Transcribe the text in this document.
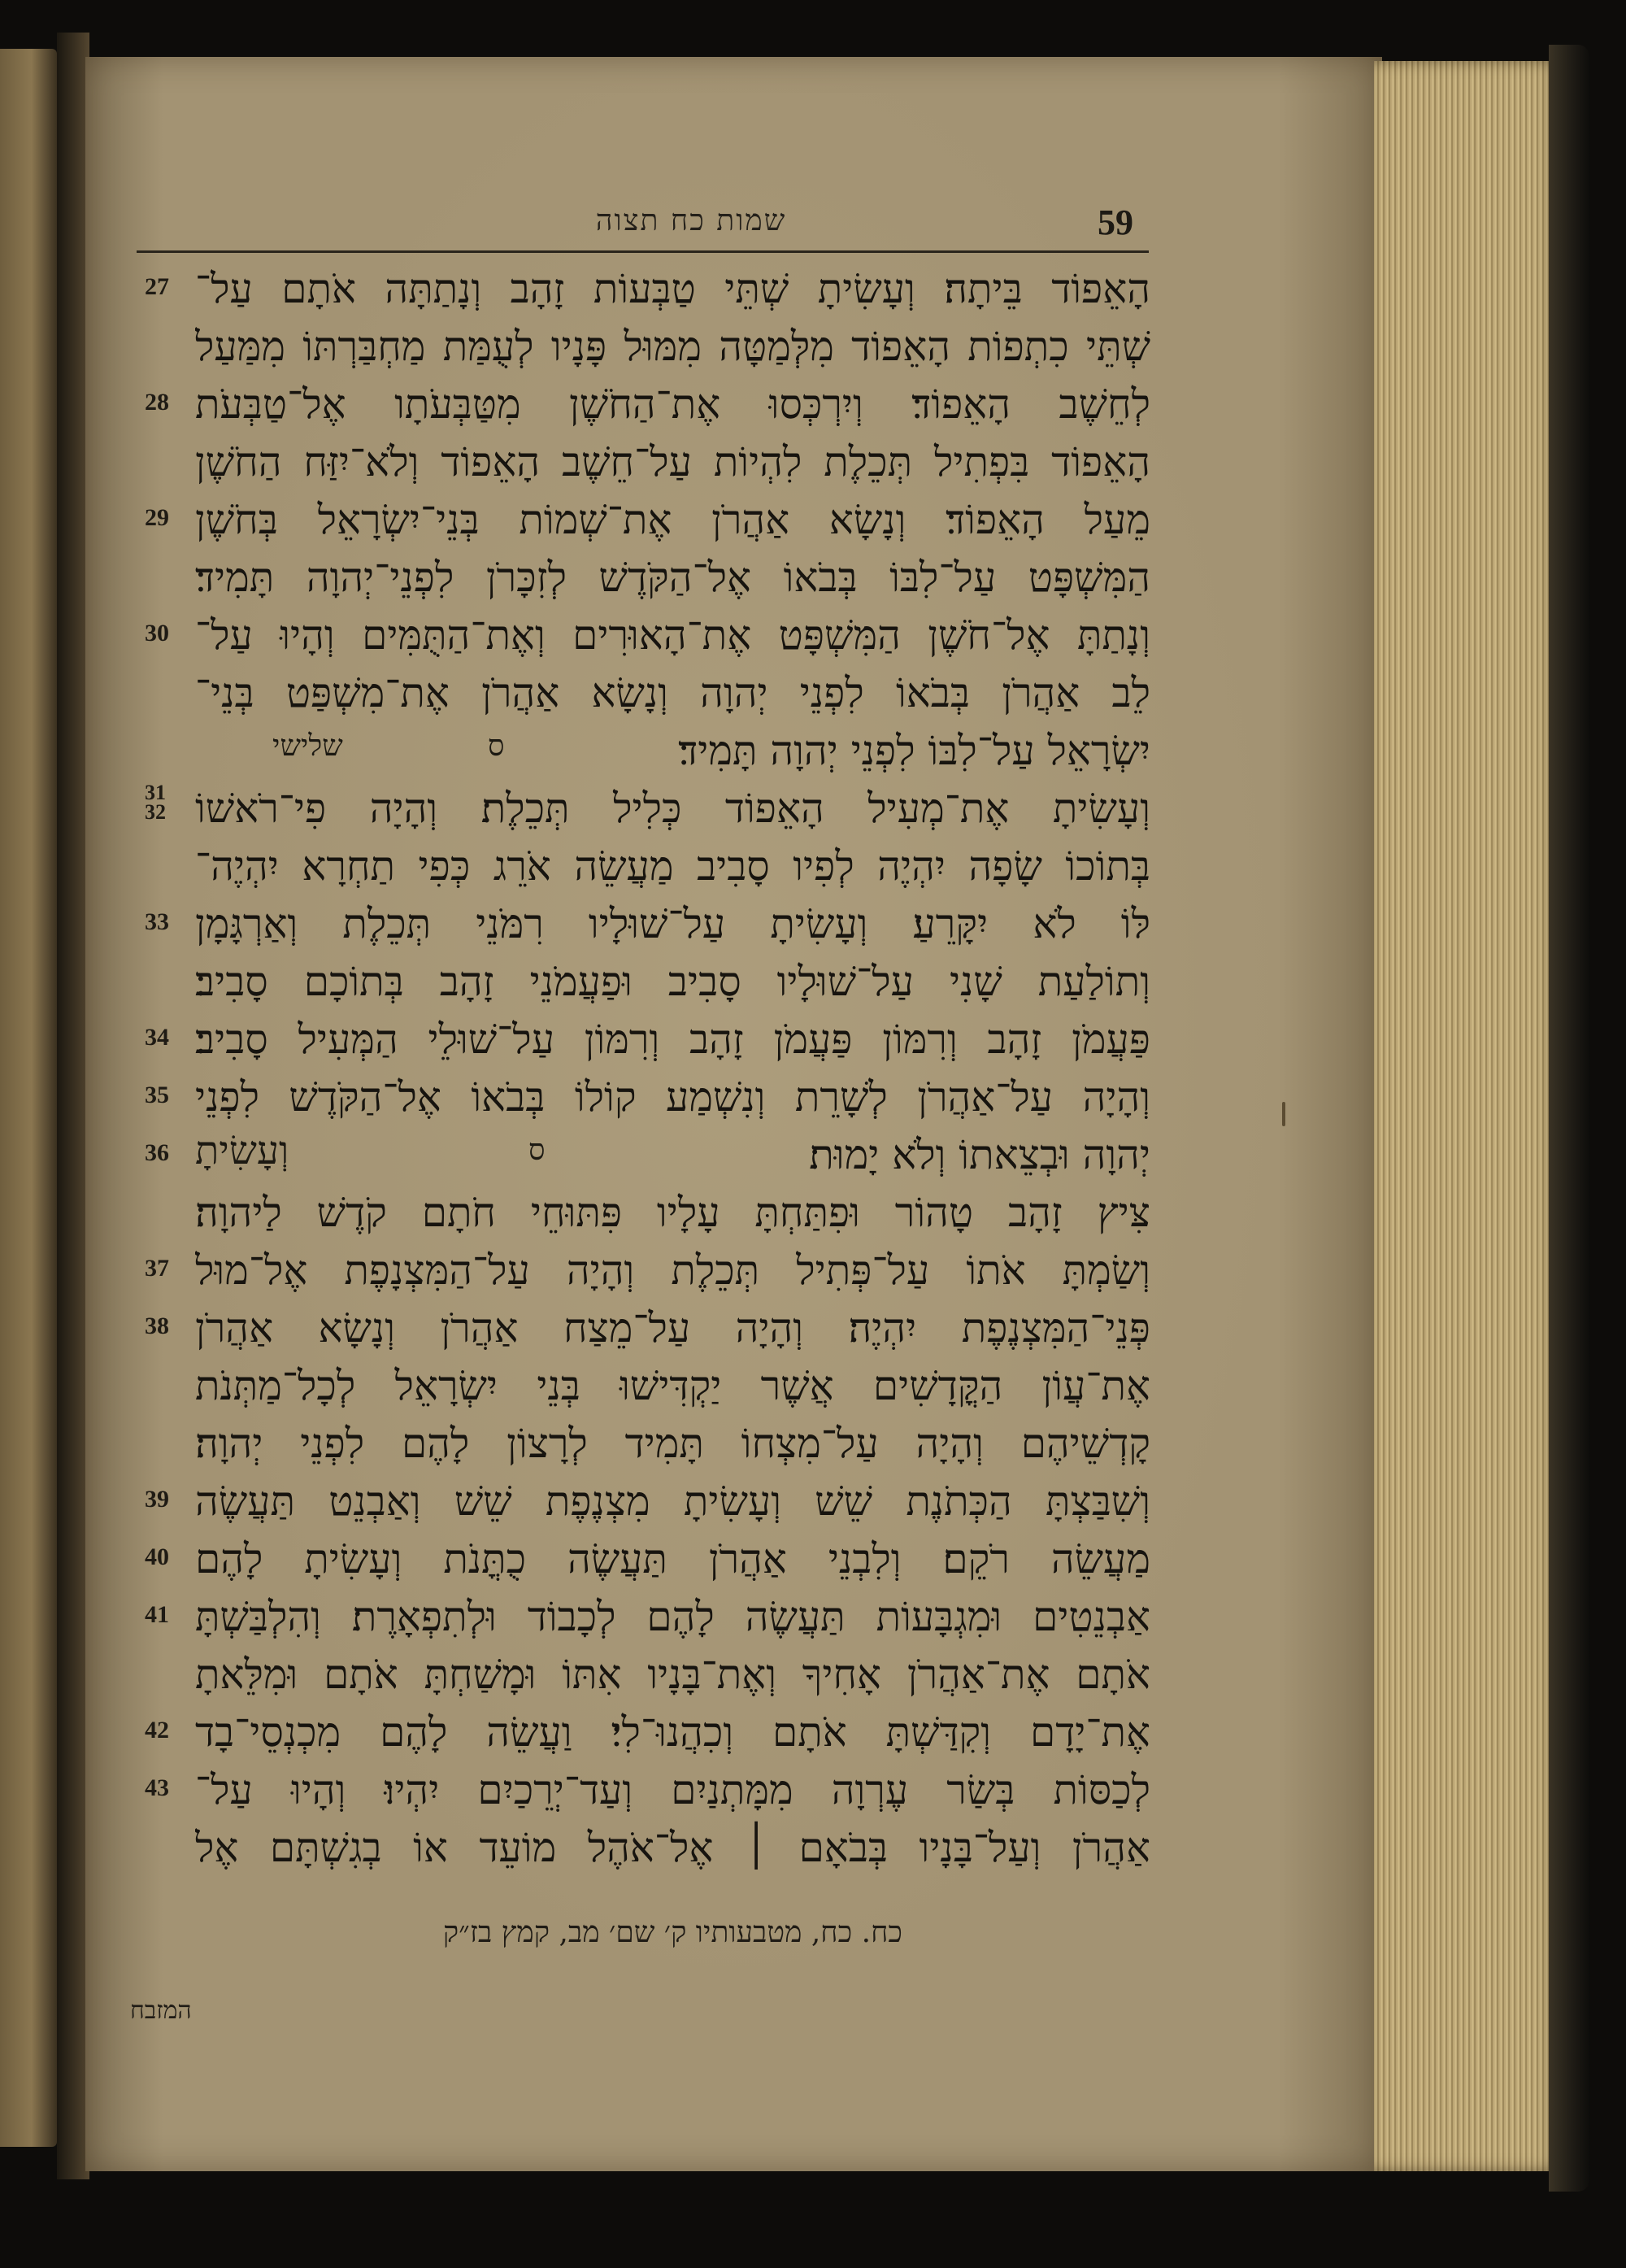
59
שמות כח תצוה
27 הָאֵפוֹד בֵּיתָה׃ וְעָשִׂיתָ שְׁתֵּי טַבְּעוֹת זָהָב וְנָתַתָּה אֹתָם עַל־
שְׁתֵּי כִתְפוֹת הָאֵפוֹד מִלְּמַטָּה מִמּוּל פָּנָיו לְעֻמַּת מַחְבַּרְתּוֹ מִמַּעַל
28 לְחֵשֶׁב הָאֵפוֹד׃ וְיִרְכְּסוּ אֶת־הַחֹשֶׁן מִטַּבְּעֹתָו אֶל־טַבְּעֹת
הָאֵפוֹד בִּפְתִיל תְּכֵלֶת לִהְיוֹת עַל־חֵשֶׁב הָאֵפוֹד וְלֹא־יִזַּח הַחֹשֶׁן
29 מֵעַל הָאֵפוֹד׃ וְנָשָׂא אַהֲרֹן אֶת־שְׁמוֹת בְּנֵי־יִשְׂרָאֵל בְּחֹשֶׁן
הַמִּשְׁפָּט עַל־לִבּוֹ בְּבֹאוֹ אֶל־הַקֹּדֶשׁ לְזִכָּרֹן לִפְנֵי־יְהוָה תָּמִיד׃
30 וְנָתַתָּ אֶל־חֹשֶׁן הַמִּשְׁפָּט אֶת־הָאוּרִים וְאֶת־הַתֻּמִּים וְהָיוּ עַל־
לֵב אַהֲרֹן בְּבֹאוֹ לִפְנֵי יְהוָה וְנָשָׂא אַהֲרֹן אֶת־מִשְׁפַּט בְּנֵי־
ס
שלישי	יִשְׂרָאֵל עַל־לִבּוֹ לִפְנֵי יְהוָה תָּמִיד׃
31
32 וְעָשִׂיתָ אֶת־מְעִיל הָאֵפוֹד כְּלִיל תְּכֵלֶת׃ וְהָיָה פִי־רֹאשׁוֹ
בְּתוֹכוֹ שָׂפָה יִהְיֶה לְפִיו סָבִיב מַעֲשֵׂה אֹרֵג כְּפִי תַחְרָא יִהְיֶה־
33 לּוֹ לֹא יִקָּרֵעַ׃ וְעָשִׂיתָ עַל־שׁוּלָיו רִמֹּנֵי תְּכֵלֶת וְאַרְגָּמָן
וְתוֹלַעַת שָׁנִי עַל־שׁוּלָיו סָבִיב וּפַעֲמֹנֵי זָהָב בְּתוֹכָם סָבִיב׃
34 פַּעֲמֹן זָהָב וְרִמּוֹן פַּעֲמֹן זָהָב וְרִמּוֹן עַל־שׁוּלֵי הַמְּעִיל סָבִיב׃
35 וְהָיָה עַל־אַהֲרֹן לְשָׁרֵת וְנִשְׁמַע קוֹלוֹ בְּבֹאוֹ אֶל־הַקֹּדֶשׁ לִפְנֵי
36	ס
וְעָשִׂיתָ	יְהוָה וּבְצֵאתוֹ וְלֹא יָמוּת׃
צִּיץ זָהָב טָהוֹר וּפִתַּחְתָּ עָלָיו פִּתּוּחֵי חֹתָם קֹדֶשׁ לַיהוָה׃
37 וְשַׂמְתָּ אֹתוֹ עַל־פְּתִיל תְּכֵלֶת וְהָיָה עַל־הַמִּצְנָפֶת אֶל־מוּל
38 פְּנֵי־הַמִּצְנֶפֶת יִהְיֶה׃ וְהָיָה עַל־מֵצַח אַהֲרֹן וְנָשָׂא אַהֲרֹן
אֶת־עֲוֹן הַקֳּדָשִׁים אֲשֶׁר יַקְדִּישׁוּ בְּנֵי יִשְׂרָאֵל לְכָל־מַתְּנֹת
קָדְשֵׁיהֶם וְהָיָה עַל־מִצְחוֹ תָּמִיד לְרָצוֹן לָהֶם לִפְנֵי יְהוָה׃
39 וְשִׁבַּצְתָּ הַכְּתֹנֶת שֵׁשׁ וְעָשִׂיתָ מִצְנֶפֶת שֵׁשׁ וְאַבְנֵט תַּעֲשֶׂה
40 מַעֲשֵׂה רֹקֵם׃ וְלִבְנֵי אַהֲרֹן תַּעֲשֶׂה כֻתֳּנֹת וְעָשִׂיתָ לָהֶם
41 אַבְנֵטִים וּמִגְבָּעוֹת תַּעֲשֶׂה לָהֶם לְכָבוֹד וּלְתִפְאָרֶת׃ וְהִלְבַּשְׁתָּ
אֹתָם אֶת־אַהֲרֹן אָחִיךָ וְאֶת־בָּנָיו אִתּוֹ וּמָשַׁחְתָּ אֹתָם וּמִלֵּאתָ
42 אֶת־יָדָם וְקִדַּשְׁתָּ אֹתָם וְכִהֲנוּ־לִי׃ וַעֲשֵׂה לָהֶם מִכְנְסֵי־בָד
43 לְכַסּוֹת בְּשַׂר עֶרְוָה מִמָּתְנַיִם וְעַד־יְרֵכַיִם יִהְיוּ׃ וְהָיוּ עַל־
אַהֲרֹן וְעַל־בָּנָיו בְּבֹאָם ׀ אֶל־אֹהֶל מוֹעֵד אוֹ בְגִשְׁתָּם אֶל
כח. כח, מטבעותיו ק׳ שם׳ מב, קמץ בז״ק
המזבח
